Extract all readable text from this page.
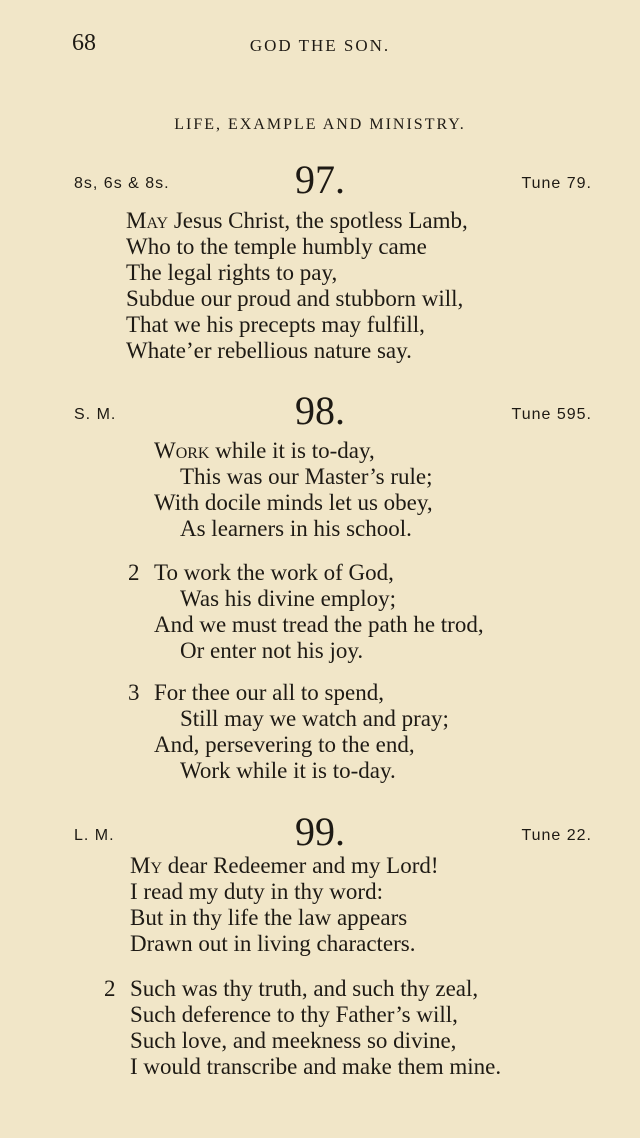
68	GOD THE SON.
LIFE, EXAMPLE AND MINISTRY.
8s, 6s & 8s.	97.	Tune 79.
May Jesus Christ, the spotless Lamb,
Who to the temple humbly came
The legal rights to pay,
Subdue our proud and stubborn will,
That we his precepts may fulfill,
Whate’er rebellious nature say.
S. M.	98.	Tune 595.
Work while it is to-day,
This was our Master’s rule;
With docile minds let us obey,
As learners in his school.
2 To work the work of God,
Was his divine employ;
And we must tread the path he trod,
Or enter not his joy.
3 For thee our all to spend,
Still may we watch and pray;
And, persevering to the end,
Work while it is to-day.
L. M.	99.	Tune 22.
My dear Redeemer and my Lord!
I read my duty in thy word:
But in thy life the law appears
Drawn out in living characters.
2 Such was thy truth, and such thy zeal,
Such deference to thy Father’s will,
Such love, and meekness so divine,
I would transcribe and make them mine.
